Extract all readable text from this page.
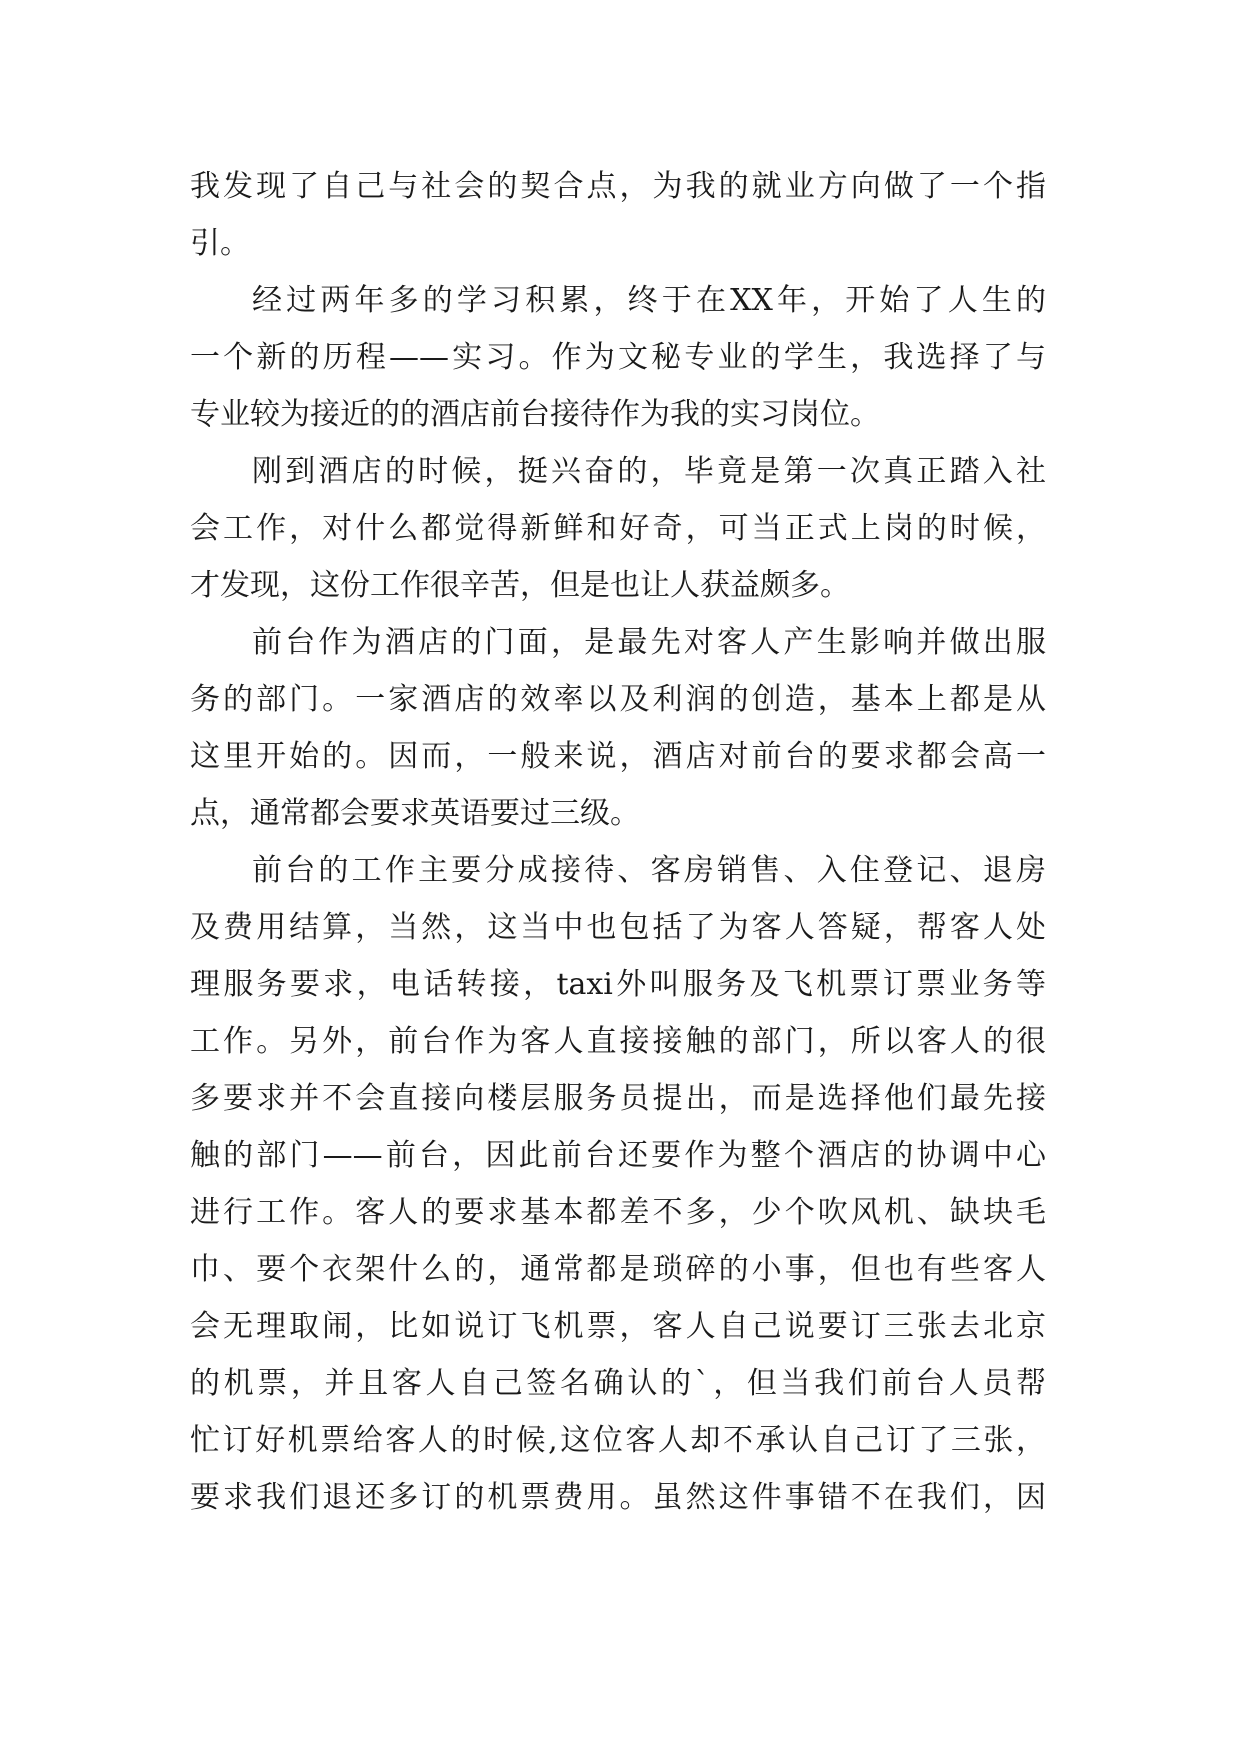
我发现了自己与社会的契合点，为我的就业方向做了一个指
引。
经过两年多的学习积累，终于在XX年，开始了人生的
一个新的历程——实习。作为文秘专业的学生，我选择了与
专业较为接近的的酒店前台接待作为我的实习岗位。
刚到酒店的时候，挺兴奋的，毕竟是第一次真正踏入社
会工作，对什么都觉得新鲜和好奇，可当正式上岗的时候，
才发现，这份工作很辛苦，但是也让人获益颇多。
前台作为酒店的门面，是最先对客人产生影响并做出服
务的部门。一家酒店的效率以及利润的创造，基本上都是从
这里开始的。因而，一般来说，酒店对前台的要求都会高一
点，通常都会要求英语要过三级。
前台的工作主要分成接待、客房销售、入住登记、退房
及费用结算，当然，这当中也包括了为客人答疑，帮客人处
理服务要求，电话转接，taxi外叫服务及飞机票订票业务等
工作。另外，前台作为客人直接接触的部门，所以客人的很
多要求并不会直接向楼层服务员提出，而是选择他们最先接
触的部门——前台，因此前台还要作为整个酒店的协调中心
进行工作。客人的要求基本都差不多，少个吹风机、缺块毛
巾、要个衣架什么的，通常都是琐碎的小事，但也有些客人
会无理取闹，比如说订飞机票，客人自己说要订三张去北京
的机票，并且客人自己签名确认的`，但当我们前台人员帮
忙订好机票给客人的时候,这位客人却不承认自己订了三张，
要求我们退还多订的机票费用。虽然这件事错不在我们，因
